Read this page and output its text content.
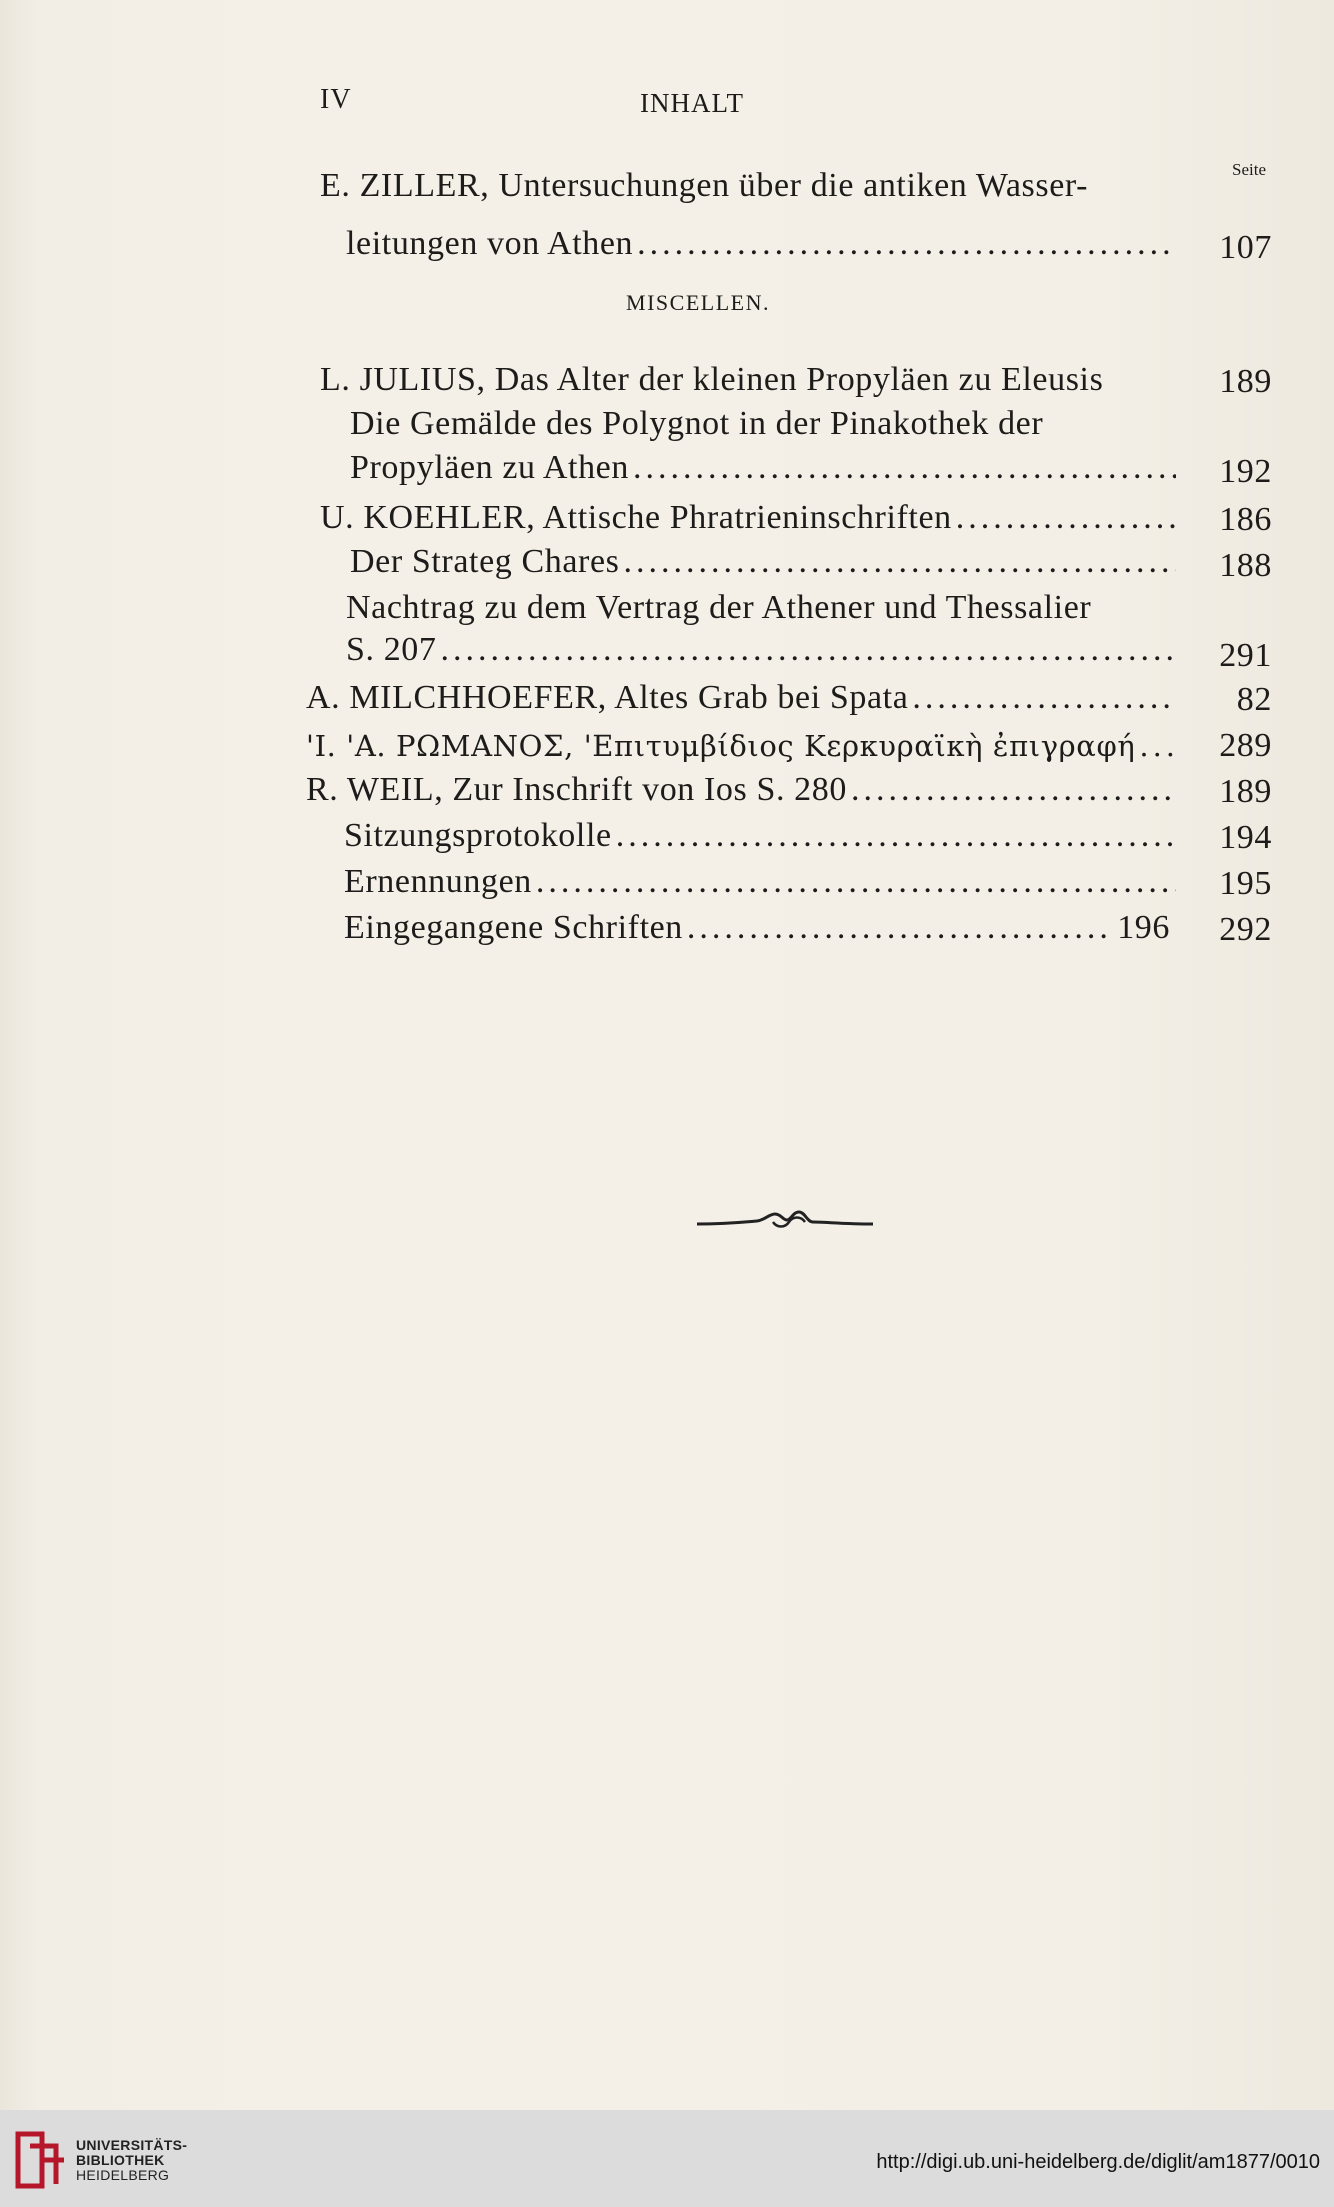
IV	INHALT
Seite
E. ZILLER, Untersuchungen über die antiken Wasser-
leitungen von Athen .....	107
MISCELLEN.
L. JULIUS, Das Alter der kleinen Propyläen zu Eleusis	189
Die Gemälde des Polygnot in der Pinakothek der
Propyläen zu Athen .....	192
U. KOEHLER, Attische Phratrieninschriften .....	186
Der Strateg Chares .....	188
Nachtrag zu dem Vertrag der Athener und Thessalier
S. 207 .....	291
A. MILCHHOEFER, Altes Grab bei Spata .....	82
'I. 'A. ΡΩΜΑΝΟΣ, 'Επιτυμβίδιος Κερκυραϊκὴ ἐπιγραφή .....	289
R. WEIL, Zur Inschrift von Ios S. 280 .....	189
Sitzungsprotokolle .....	194
Ernennungen .....	195
Eingegangene Schriften .....	196	292
UNIVERSITÄTS-
BIBLIOTHEK
HEIDELBERG
http://digi.ub.uni-heidelberg.de/diglit/am1877/0010
